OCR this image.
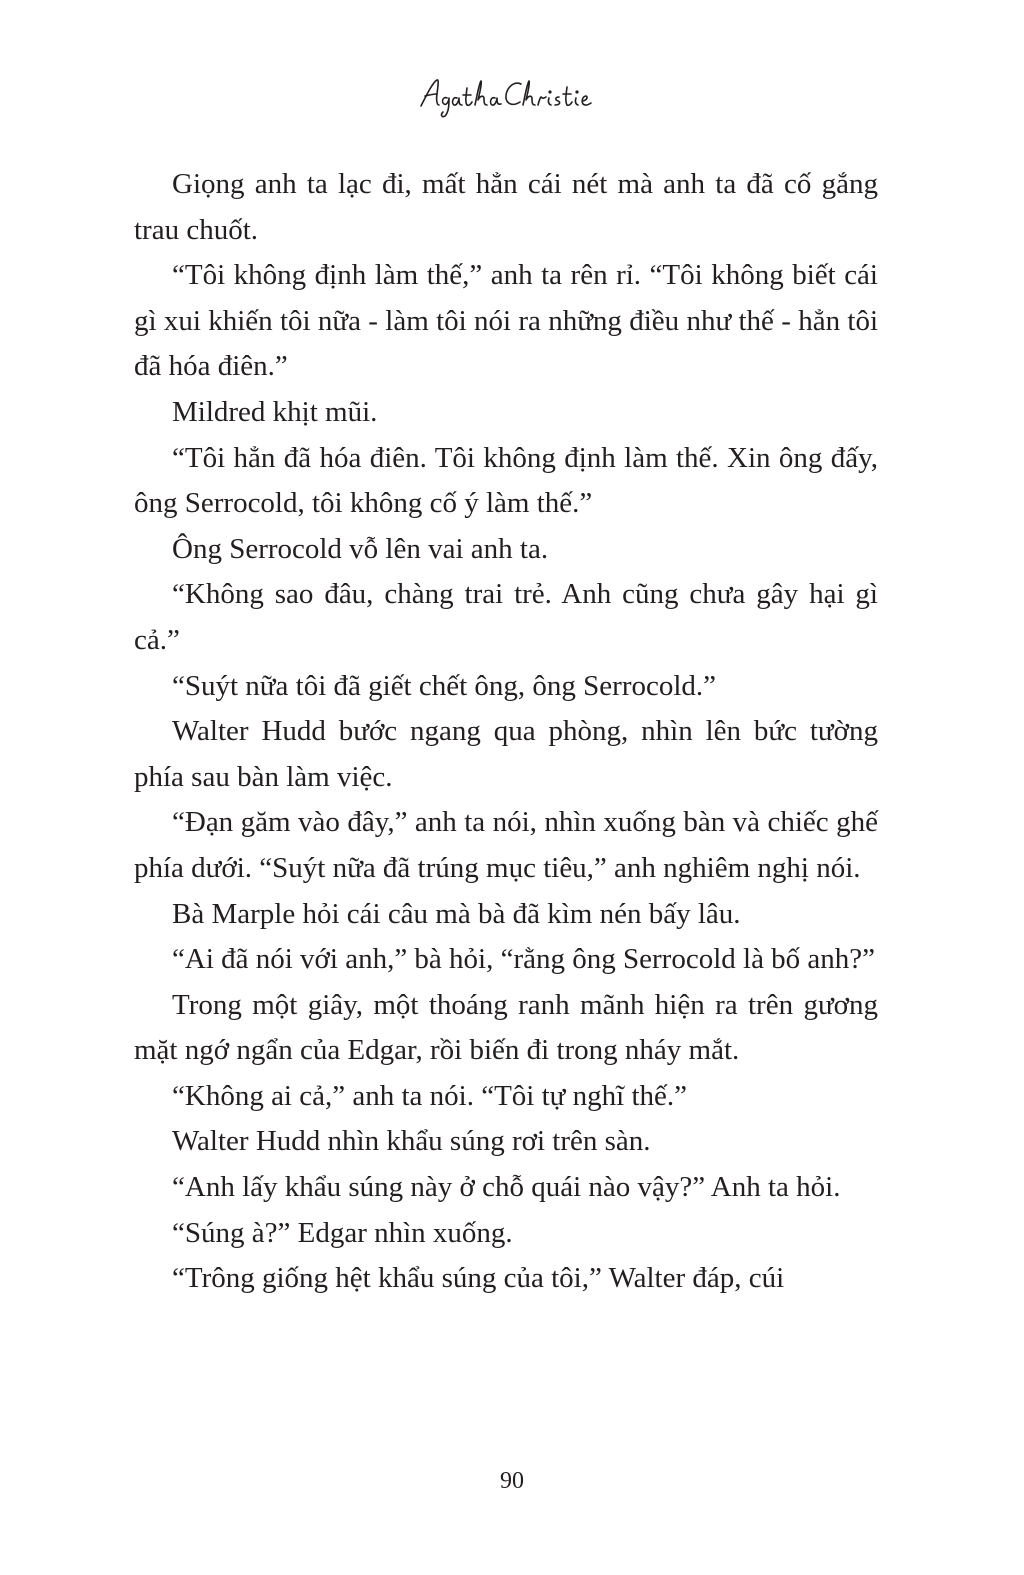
Giọng anh ta lạc đi, mất hẳn cái nét mà anh ta đã cố gắng trau chuốt.

“Tôi không định làm thế,” anh ta rên rỉ. “Tôi không biết cái gì xui khiến tôi nữa - làm tôi nói ra những điều như thế - hẳn tôi đã hóa điên.”

Mildred khịt mũi.

“Tôi hẳn đã hóa điên. Tôi không định làm thế. Xin ông đấy, ông Serrocold, tôi không cố ý làm thế.”

Ông Serrocold vỗ lên vai anh ta.

“Không sao đâu, chàng trai trẻ. Anh cũng chưa gây hại gì cả.”

“Suýt nữa tôi đã giết chết ông, ông Serrocold.”

Walter Hudd bước ngang qua phòng, nhìn lên bức tường phía sau bàn làm việc.

“Đạn găm vào đây,” anh ta nói, nhìn xuống bàn và chiếc ghế phía dưới. “Suýt nữa đã trúng mục tiêu,” anh nghiêm nghị nói.

Bà Marple hỏi cái câu mà bà đã kìm nén bấy lâu.

“Ai đã nói với anh,” bà hỏi, “rằng ông Serrocold là bố anh?”

Trong một giây, một thoáng ranh mãnh hiện ra trên gương mặt ngớ ngẩn của Edgar, rồi biến đi trong nháy mắt.

“Không ai cả,” anh ta nói. “Tôi tự nghĩ thế.”

Walter Hudd nhìn khẩu súng rơi trên sàn.

“Anh lấy khẩu súng này ở chỗ quái nào vậy?” Anh ta hỏi.

“Súng à?” Edgar nhìn xuống.

“Trông giống hệt khẩu súng của tôi,” Walter đáp, cúi

90
